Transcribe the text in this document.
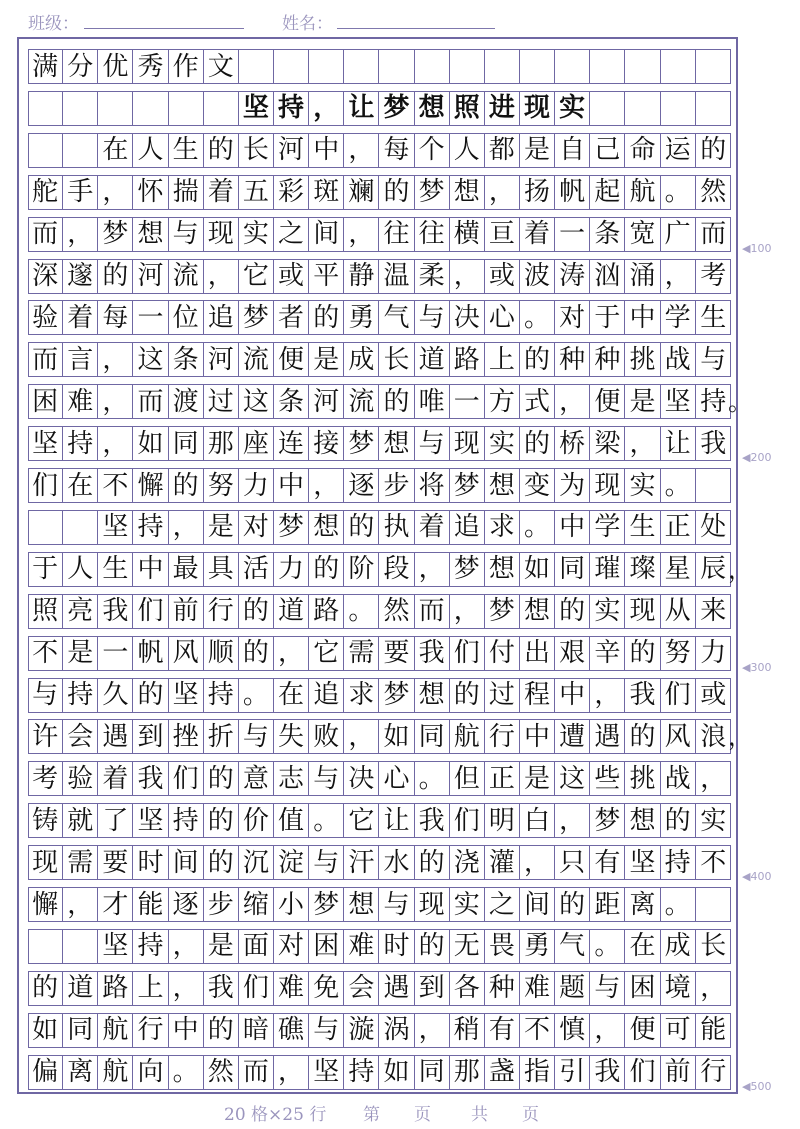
班级：	姓名：
满 分 优 秀 作 文
坚 持 ， 让 梦 想 照 进 现 实
在 人 生 的 长 河 中 ， 每 个 人 都 是 自 己 命 运 的
舵 手 ， 怀 揣 着 五 彩 斑 斓 的 梦 想 ， 扬 帆 起 航 。 然
而 ， 梦 想 与 现 实 之 间 ， 往 往 横 亘 着 一 条 宽 广 而
深 邃 的 河 流 ， 它 或 平 静 温 柔 ， 或 波 涛 汹 涌 ， 考
验 着 每 一 位 追 梦 者 的 勇 气 与 决 心 。 对 于 中 学 生
而 言 ， 这 条 河 流 便 是 成 长 道 路 上 的 种 种 挑 战 与
困 难 ， 而 渡 过 这 条 河 流 的 唯 一 方 式 ， 便 是 坚 持
坚 持 ， 如 同 那 座 连 接 梦 想 与 现 实 的 桥 梁 ， 让 我
们 在 不 懈 的 努 力 中 ， 逐 步 将 梦 想 变 为 现 实 。
坚 持 ， 是 对 梦 想 的 执 着 追 求 。 中 学 生 正 处
于 人 生 中 最 具 活 力 的 阶 段 ， 梦 想 如 同 璀 璨 星 辰
照 亮 我 们 前 行 的 道 路 。 然 而 ， 梦 想 的 实 现 从 来
不 是 一 帆 风 顺 的 ， 它 需 要 我 们 付 出 艰 辛 的 努 力
与 持 久 的 坚 持 。 在 追 求 梦 想 的 过 程 中 ， 我 们 或
许 会 遇 到 挫 折 与 失 败 ， 如 同 航 行 中 遭 遇 的 风 浪
考 验 着 我 们 的 意 志 与 决 心 。 但 正 是 这 些 挑 战 ，
铸 就 了 坚 持 的 价 值 。 它 让 我 们 明 白 ， 梦 想 的 实
现 需 要 时 间 的 沉 淀 与 汗 水 的 浇 灌 ， 只 有 坚 持 不
懈 ， 才 能 逐 步 缩 小 梦 想 与 现 实 之 间 的 距 离 。
坚 持 ， 是 面 对 困 难 时 的 无 畏 勇 气 。 在 成 长
的 道 路 上 ， 我 们 难 免 会 遇 到 各 种 难 题 与 困 境 ，
如 同 航 行 中 的 暗 礁 与 漩 涡 ， 稍 有 不 慎 ， 便 可 能
偏 离 航 向 。 然 而 ， 坚 持 如 同 那 盏 指 引 我 们 前 行
◀100
◀200
◀300
◀400
◀500
。
，
，
20 格×25 行 第　　页 共　　页
